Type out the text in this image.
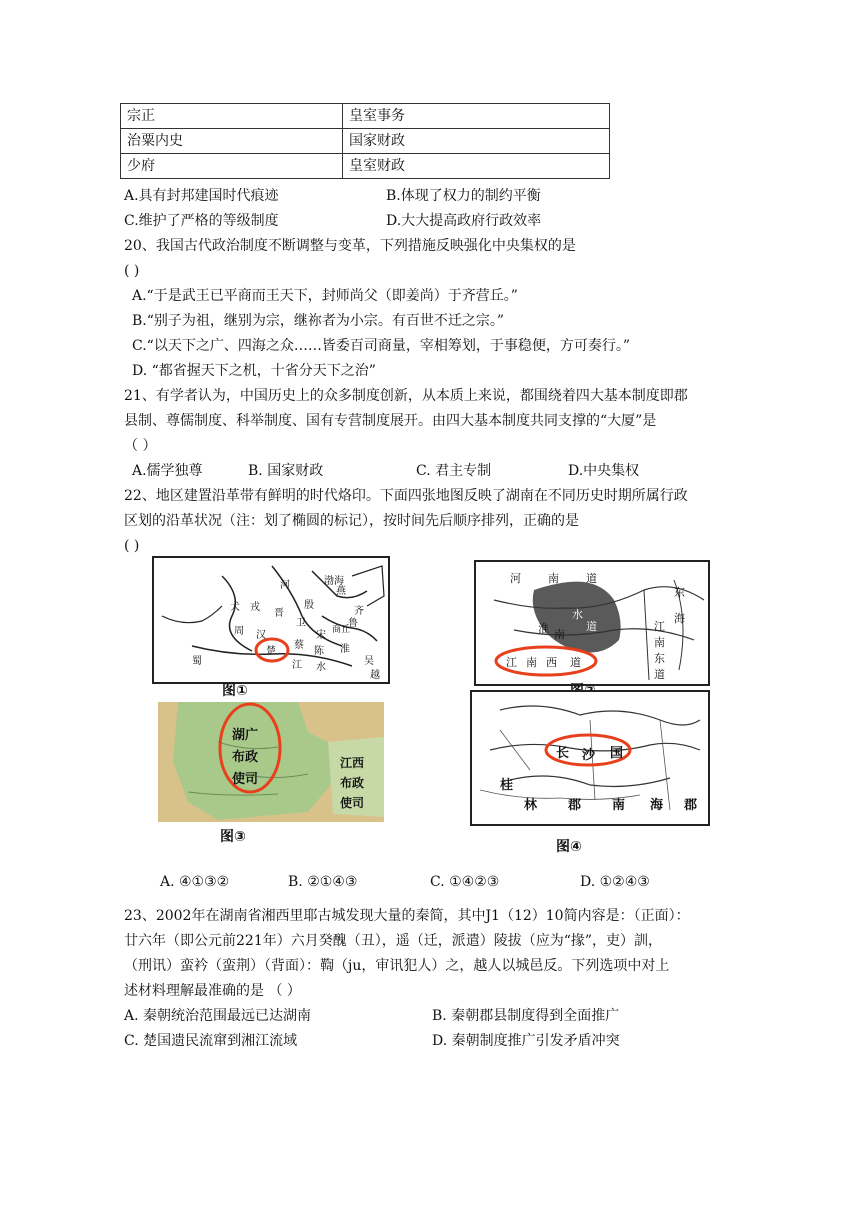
宗正	皇室事务
治粟内史	国家财政
少府	皇室财政
A.具有封邦建国时代痕迹	B.体现了权力的制约平衡
C.维护了严格的等级制度	D.大大提高政府行政效率
20、我国古代政治制度不断调整与变革，下列措施反映强化中央集权的是
( )
A.“于是武王已平商而王天下，封师尚父（即姜尚）于齐营丘。”
B.“别子为祖，继别为宗，继祢者为小宗。有百世不迁之宗。”
C.“以天下之广、四海之众……皆委百司商量，宰相筹划，于事稳便，方可奏行。”
D. “都省握天下之机，十省分天下之治”
21、有学者认为，中国历史上的众多制度创新，从本质上来说，都围绕着四大基本制度即郡
县制、尊儒制度、科举制度、国有专营制度展开。由四大基本制度共同支撑的“大厦”是
（ ）
A.儒学独尊	B. 国家财政	C. 君主专制	D.中央集权
22、地区建置沿革带有鲜明的时代烙印。下面四张地图反映了湖南在不同历史时期所属行政
区划的沿革状况（注：划了椭圆的标记），按时间先后顺序排列，正确的是
( )
犬 戎
河	渤海
晋
殷
卫
燕
齐
周	宋 商丘
鲁
蔡
陈 淮
楚
吴
越
蜀
汉
江 水
图①
河 南 道
东
海
水
道	江
南
东
道
淮 南
江 南 西 道
湖广
布政
使司
江西
布政
使司
图③
长 沙 国
桂
林 郡 南 海 郡
图④
A. ④①③②	B. ②①④③	C. ①④②③	D. ①②④③
23、2002年在湖南省湘西里耶古城发现大量的秦简，其中J1（12）10简内容是：（正面）：
廿六年（即公元前221年）六月癸醜（丑），遥（迁，派遣）陵拔（应为“掾”，吏）訓，
（刑讯）蛮衿（蛮荆）（背面）：鞫（ju，审讯犯人）之，越人以城邑反。下列选项中对上
述材料理解最准确的是 （ ）
A. 秦朝统治范围最远已达湖南	B. 秦朝郡县制度得到全面推广
C. 楚国遗民流窜到湘江流域	D. 秦朝制度推广引发矛盾冲突
